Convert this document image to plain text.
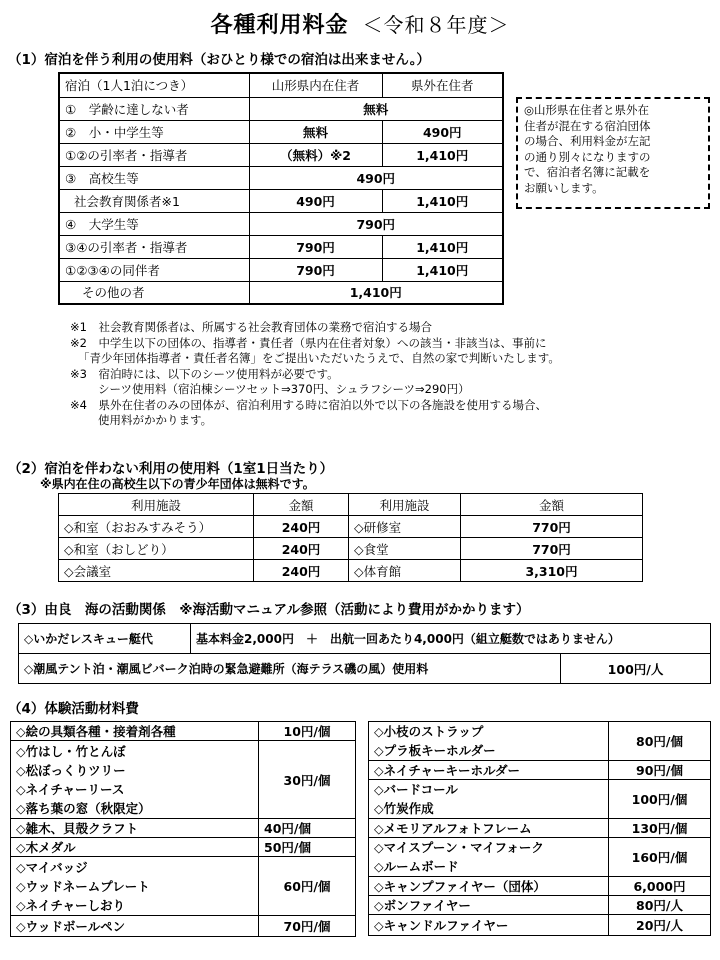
各種利用料金 ＜令和８年度＞
（1）宿泊を伴う利用の使用料（おひとり様での宿泊は出来ません。）
宿泊（1人1泊につき）	山形県内在住者	県外在住者
①　学齢に達しない者	無料	
②　小・中学生等	無料	490円
①②の引率者・指導者	（無料）※2	1,410円
③　高校生等	490円	
社会教育関係者※1	490円	1,410円
④　大学生等	790円	
③④の引率者・指導者	790円	1,410円
①②③④の同伴者	790円	1,410円
その他の者	1,410円	
◎山形県在住者と県外在
住者が混在する宿泊団体
の場合、利用料金が左記
の通り別々になりますの
で、宿泊者名簿に記載を
お願いします。
※1　社会教育関係者は、所属する社会教育団体の業務で宿泊する場合
※2　中学生以下の団体の、指導者・責任者（県内在住者対象）への該当・非該当は、事前に
「青少年団体指導者・責任者名簿」をご提出いただいたうえで、自然の家で判断いたします。
※3　宿泊時には、以下のシーツ使用料が必要です。
シーツ使用料（宿泊棟シーツセット⇒370円、シュラフシーツ⇒290円）
※4　県外在住者のみの団体が、宿泊利用する時に宿泊以外で以下の各施設を使用する場合、
使用料がかかります。
（2）宿泊を伴わない利用の使用料（1室1日当たり）
※県内在住の高校生以下の青少年団体は無料です。
利用施設	金額	利用施設	金額
◇和室（おおみすみそう）	240円	◇研修室	770円
◇和室（おしどり）	240円	◇食堂	770円
◇会議室	240円	◇体育館	3,310円
（3）由良　海の活動関係　※海活動マニュアル参照（活動により費用がかかります）
◇いかだレスキュー艇代	基本料金2,000円　＋　出航一回あたり4,000円（組立艇数ではありません）	
◇潮風テント泊・潮風ビバーク泊時の緊急避難所（海テラス磯の風）使用料		100円/人
（4）体験活動材料費
◇絵の具類各種・接着剤各種	10円/個

◇竹はし・竹とんぼ
◇松ぼっくりツリー
◇ネイチャーリース
◇落ち葉の窓（秋限定）	30円/個

◇雑木、貝殻クラフト	40円/個

◇木メダル	50円/個

◇マイバッジ
◇ウッドネームプレート
◇ネイチャーしおり	60円/個

◇ウッドボールペン	70円/個
◇小枝のストラップ
◇プラ板キーホルダー	80円/個

◇ネイチャーキーホルダー	90円/個

◇バードコール
◇竹炭作成	100円/個

◇メモリアルフォトフレーム	130円/個

◇マイスプーン・マイフォーク
◇ルームボード	160円/個

◇キャンプファイヤー（団体）	6,000円

◇ボンファイヤー	80円/人

◇キャンドルファイヤー	20円/人
